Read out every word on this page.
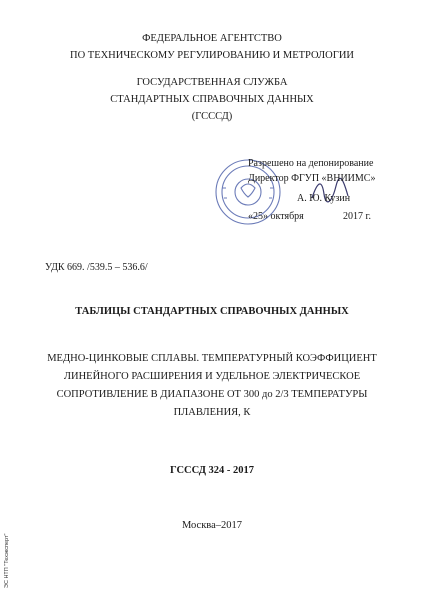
ФЕДЕРАЛЬНОЕ АГЕНТСТВО
ПО ТЕХНИЧЕСКОМУ РЕГУЛИРОВАНИЮ И МЕТРОЛОГИИ
ГОСУДАРСТВЕННАЯ СЛУЖБА
СТАНДАРТНЫХ СПРАВОЧНЫХ ДАННЫХ
(ГСССД)
Разрешено на депонирование
Директор ФГУП «ВНИИМС»
А. Ю. Кузин
«25» октября	2017 г.
УДК 669. /539.5 – 536.6/
ТАБЛИЦЫ СТАНДАРТНЫХ СПРАВОЧНЫХ ДАННЫХ
МЕДНО-ЦИНКОВЫЕ СПЛАВЫ. ТЕМПЕРАТУРНЫЙ КОЭФФИЦИЕНТ
ЛИНЕЙНОГО РАСШИРЕНИЯ И УДЕЛЬНОЕ ЭЛЕКТРИЧЕСКОЕ
СОПРОТИВЛЕНИЕ В ДИАПАЗОНЕ ОТ 300 до 2/3 ТЕМПЕРАТУРЫ
ПЛАВЛЕНИЯ, К
ГСССД 324 - 2017
Москва–2017
ЭС НТП "Техэксперт"
